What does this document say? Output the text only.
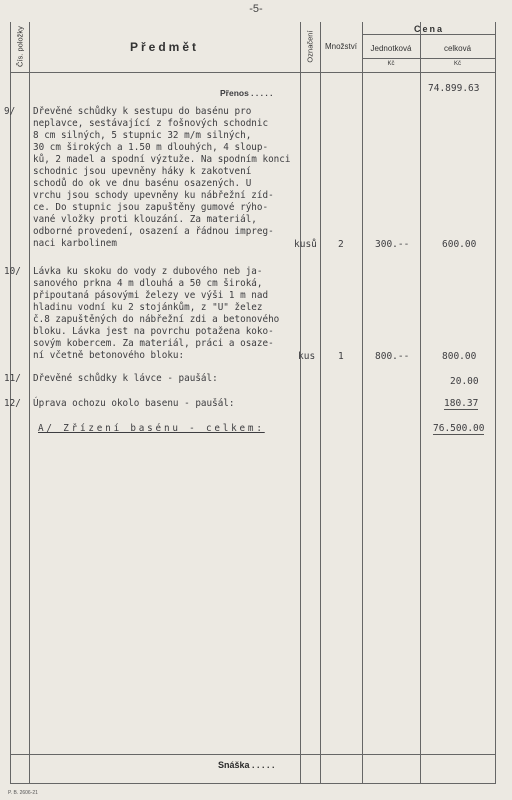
-5-
Čís. položky	Předmět	Označení	Množství
Cena
Jednotková	celková
Kč	Kč
Přenos . . . . .	74.899.63
9/ Dřevěné schůdky k sestupu do basénu pro
neplavce, sestávající z fošnových schodnic
8 cm silných, 5 stupnic 32 m/m silných,
30 cm širokých a 1.50 m dlouhých, 4 sloup-
ků, 2 madel a spodní výztuže. Na spodním konci
schodnic jsou upevněny háky k zakotvení
schodů do ok ve dnu basénu osazených. U
vrchu jsou schody upevněny ku nábřežní zíd-
ce. Do stupnic jsou zapuštěny gumové rýho-
vané vložky proti klouzání. Za materiál,
odborné provedení, osazení a řádnou impreg-
naci karbolinem	kusů 2	300.--	600.00
10/ Lávka ku skoku do vody z dubového neb ja-
sanového prkna 4 m dlouhá a 50 cm široká,
připoutaná pásovými železy ve výši 1 m nad
hladinu vodní ku 2 stojánkům, z "U" želez
č.8 zapuštěných do nábřežní zdi a betonového
bloku. Lávka jest na povrchu potažena koko-
sovým kobercem. Za materiál, práci a osaze-
ní včetně betonového bloku:	kus 1	800.--	800.00
11/ Dřevěné schůdky k lávce - paušál:	20.00
12/ Úprava ochozu okolo basenu - paušál:	180.37
A/ Zřízení basénu - celkem:	76.500.00
Snáška . . . . .
P. B. 2606-21
